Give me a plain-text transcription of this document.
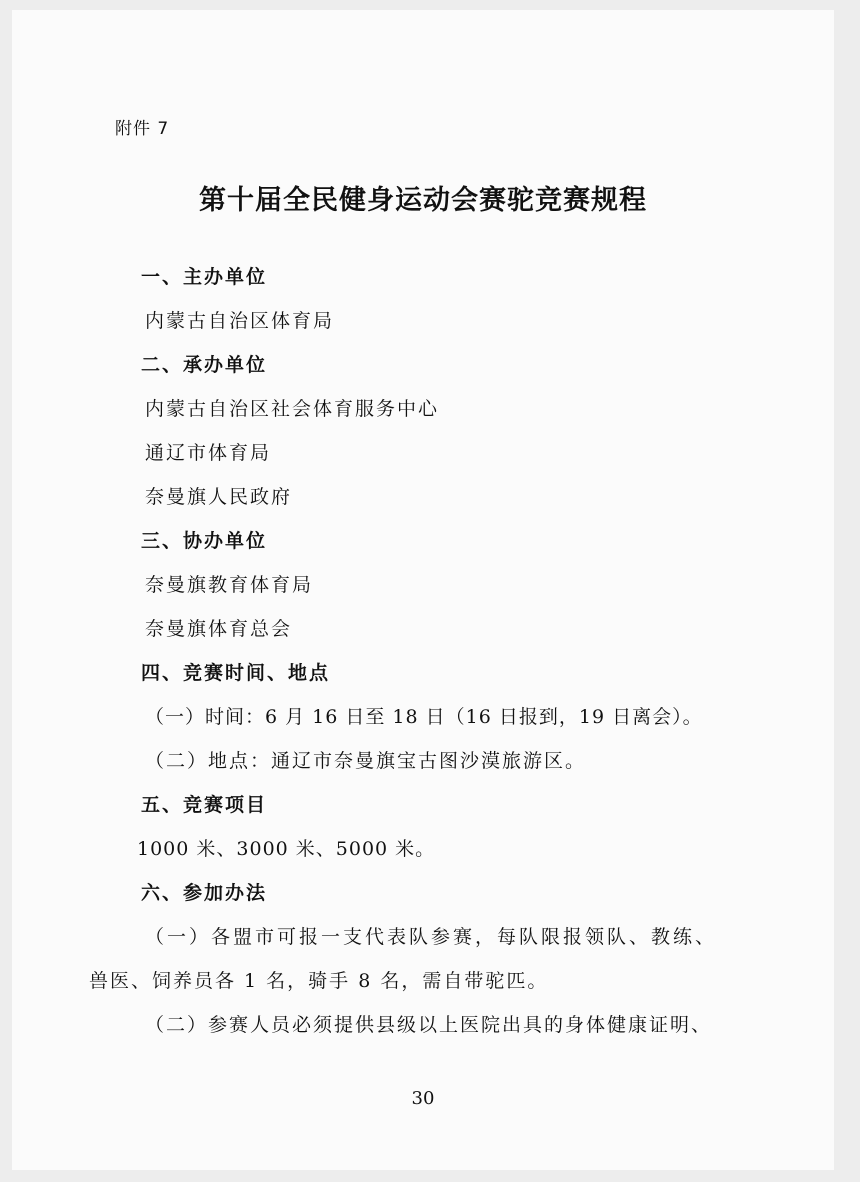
附件 7
第十届全民健身运动会赛驼竞赛规程
一、主办单位
内蒙古自治区体育局
二、承办单位
内蒙古自治区社会体育服务中心
通辽市体育局
奈曼旗人民政府
三、协办单位
奈曼旗教育体育局
奈曼旗体育总会
四、竞赛时间、地点
（一）时间：6 月 16 日至 18 日（16 日报到，19 日离会）。
（二）地点：通辽市奈曼旗宝古图沙漠旅游区。
五、竞赛项目
1000 米、3000 米、5000 米。
六、参加办法
（一）各盟市可报一支代表队参赛，每队限报领队、教练、
兽医、饲养员各 1 名，骑手 8 名，需自带驼匹。
（二）参赛人员必须提供县级以上医院出具的身体健康证明、
30
